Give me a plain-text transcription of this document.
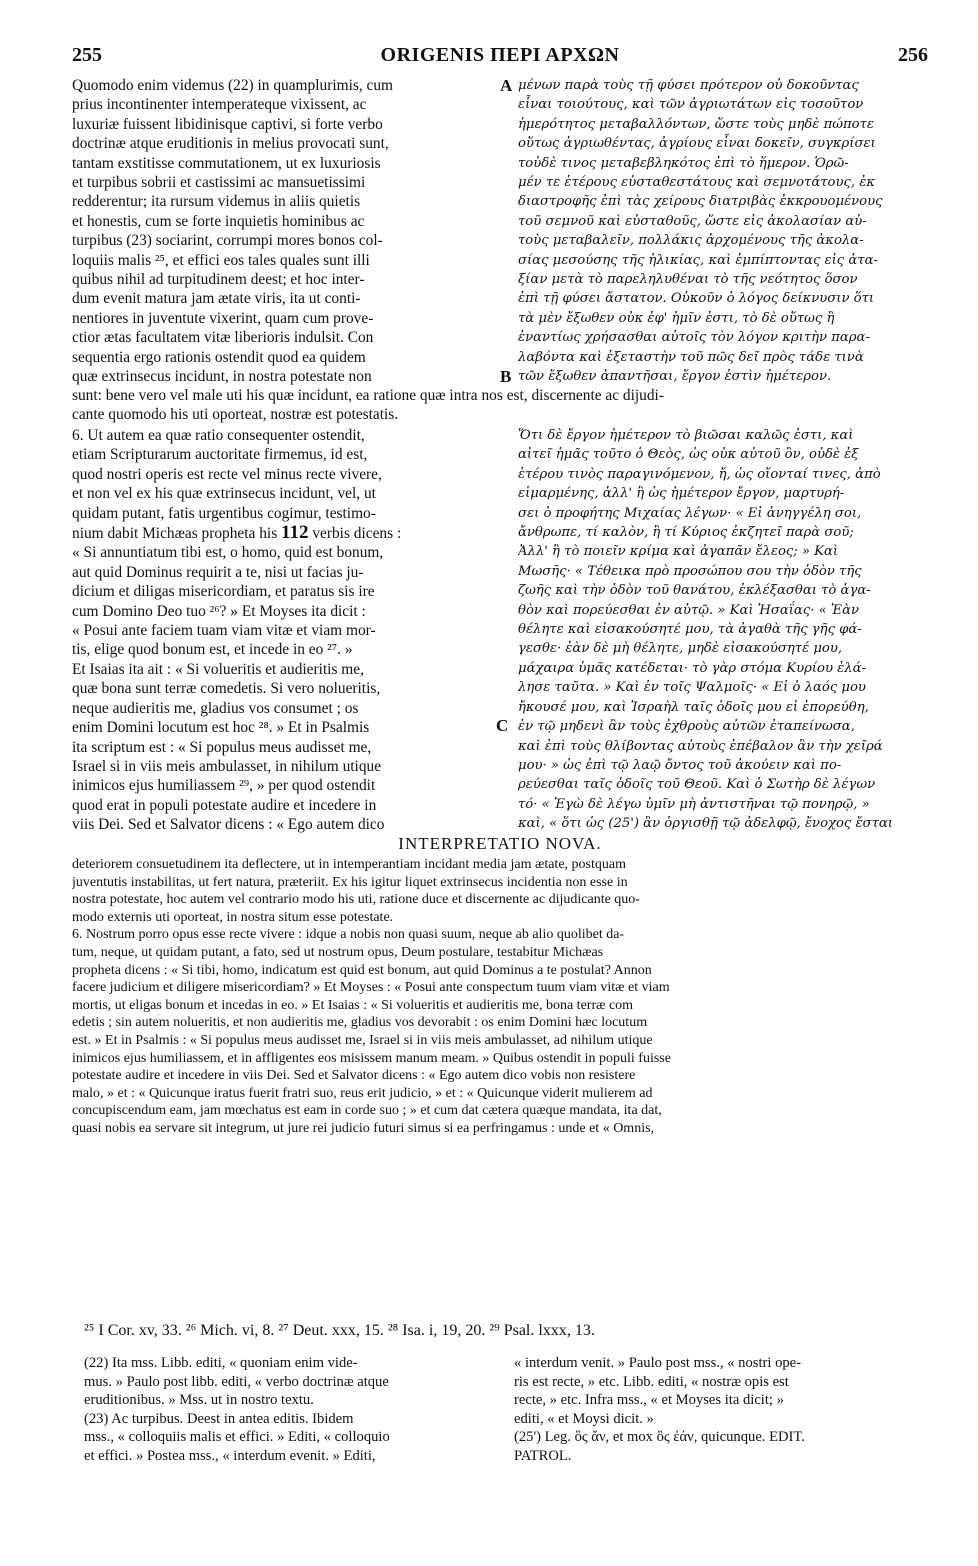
255	ORIGENIS ΠΕΡΙ ΑΡΧΩΝ	256
Quomodo enim videmus (22) in quamplurimis, cum
prius incontinenter intemperateque vixissent, ac
luxuriæ fuissent libidinisque captivi, si forte verbo
doctrinæ atque eruditionis in melius provocati sunt,
tantam exstitisse commutationem, ut ex luxuriosis
et turpibus sobrii et castissimi ac mansuetissimi
redderentur; ita rursum videmus in aliis quietis
et honestis, cum se forte inquietis hominibus ac
turpibus (23) sociarint, corrumpi mores bonos col-
loquiis malis ²⁵, et effici eos tales quales sunt illi
quibus nihil ad turpitudinem deest; et hoc inter-
dum evenit matura jam ætate viris, ita ut conti-
nentiores in juventute vixerint, quam cum prove-
ctior ætas facultatem vitæ liberioris indulsit. Con
sequentia ergo rationis ostendit quod ea quidem
quæ extrinsecus incidunt, in nostra potestate non
μένων παρὰ τοὺς τῇ φύσει πρότερον οὐ δοκοῦντας
εἶναι τοιούτους, καὶ τῶν ἀγριωτάτων εἰς τοσοῦτον
ἡμερότητος μεταβαλλόντων, ὥστε τοὺς μηδὲ πώποτε
οὕτως ἀγριωθέντας, ἀγρίους εἶναι δοκεῖν, συγκρίσει
τοὐδὲ τινος μεταβεβληκότος ἐπὶ τὸ ἥμερον. Ὁρῶ-
μέν τε ἑτέρους εὐσταθεστάτους καὶ σεμνοτάτους, ἐκ
διαστροφῆς ἐπὶ τὰς χείρους διατριβὰς ἐκκρουομένους
τοῦ σεμνοῦ καὶ εὐσταθοῦς, ὥστε εἰς ἀκολασίαν αὐ-
τοὺς μεταβαλεῖν, πολλάκις ἀρχομένους τῆς ἀκολα-
σίας μεσούσης τῆς ἡλικίας, καὶ ἐμπίπτοντας εἰς ἀτα-
ξίαν μετὰ τὸ παρεληλυθέναι τὸ τῆς νεότητος ὅσον
ἐπὶ τῇ φύσει ἄστατον. Οὐκοῦν ὁ λόγος δείκνυσιν ὅτι
τὰ μὲν ἔξωθεν οὐκ ἐφ' ἡμῖν ἐστι, τὸ δὲ οὕτως ἢ
ἐναντίως χρήσασθαι αὐτοῖς τὸν λόγον κριτὴν παρα-
λαβόντα καὶ ἐξεταστὴν τοῦ πῶς δεῖ πρὸς τάδε τινὰ
τῶν ἔξωθεν ἀπαντῆσαι, ἔργον ἐστὶν ἡμέτερον.
A
B
sunt: bene vero vel male uti his quæ incidunt, ea ratione quæ intra nos est, discernente ac dijudi-
cante quomodo his uti oporteat, nostræ est potestatis.
6. Ut autem ea quæ ratio consequenter ostendit,
etiam Scripturarum auctoritate firmemus, id est,
quod nostri operis est recte vel minus recte vivere,
et non vel ex his quæ extrinsecus incidunt, vel, ut
quidam putant, fatis urgentibus cogimur, testimo-
nium dabit Michæas propheta his 112 verbis dicens :
« Si annuntiatum tibi est, o homo, quid est bonum,
aut quid Dominus requirit a te, nisi ut facias ju-
dicium et diligas misericordiam, et paratus sis ire
cum Domino Deo tuo ²⁶? » Et Moyses ita dicit :
« Posui ante faciem tuam viam vitæ et viam mor-
tis, elige quod bonum est, et incede in eo ²⁷. »
Et Isaias ita ait : « Si volueritis et audieritis me,
quæ bona sunt terræ comedetis. Si vero nolueritis,
neque audieritis me, gladius vos consumet ; os
enim Domini locutum est hoc ²⁸. » Et in Psalmis
ita scriptum est : « Si populus meus audisset me,
Israel si in viis meis ambulasset, in nihilum utique
inimicos ejus humiliassem ²⁹, » per quod ostendit
quod erat in populi potestate audire et incedere in
viis Dei. Sed et Salvator dicens : « Ego autem dico
Ὅτι δὲ ἔργον ἡμέτερον τὸ βιῶσαι καλῶς ἐστι, καὶ
αἰτεῖ ἡμᾶς τοῦτο ὁ Θεὸς, ὡς οὐκ αὐτοῦ ὂν, οὐδὲ ἐξ
ἑτέρου τινὸς παραγινόμενον, ἤ, ὡς οἴονταί τινες, ἀπὸ
εἱμαρμένης, ἀλλ' ἢ ὡς ἡμέτερον ἔργον, μαρτυρή-
σει ὁ προφήτης Μιχαίας λέγων· « Εἰ ἀνηγγέλη σοι,
ἄνθρωπε, τί καλὸν, ἢ τί Κύριος ἐκζητεῖ παρὰ σοῦ;
Ἀλλ' ἢ τὸ ποιεῖν κρίμα καὶ ἀγαπᾶν ἔλεος; » Καὶ
Μωσῆς· « Τέθεικα πρὸ προσώπου σου τὴν ὁδὸν τῆς
ζωῆς καὶ τὴν ὁδὸν τοῦ θανάτου, ἐκλέξασθαι τὸ ἀγα-
θὸν καὶ πορεύεσθαι ἐν αὐτῷ. » Καὶ Ἡσαΐας· « Ἐὰν
θέλητε καὶ εἰσακούσητέ μου, τὰ ἀγαθὰ τῆς γῆς φά-
γεσθε· ἐὰν δὲ μὴ θέλητε, μηδὲ εἰσακούσητέ μου,
μάχαιρα ὑμᾶς κατέδεται· τὸ γὰρ στόμα Κυρίου ἐλά-
λησε ταῦτα. » Καὶ ἐν τοῖς Ψαλμοῖς· « Εἰ ὁ λαός μου
ἤκουσέ μου, καὶ Ἰσραὴλ ταῖς ὁδοῖς μου εἰ ἐπορεύθη,
ἐν τῷ μηδενὶ ἂν τοὺς ἐχθροὺς αὐτῶν ἐταπείνωσα,
καὶ ἐπὶ τοὺς θλίβοντας αὐτοὺς ἐπέβαλον ἂν τὴν χεῖρά
μου· » ὡς ἐπὶ τῷ λαῷ ὄντος τοῦ ἀκούειν καὶ πο-
ρεύεσθαι ταῖς ὁδοῖς τοῦ Θεοῦ. Καὶ ὁ Σωτὴρ δὲ λέγων
τό· « Ἐγὼ δὲ λέγω ὑμῖν μὴ ἀντιστῆναι τῷ πονηρῷ, »
καὶ, « ὅτι ὡς (25') ἂν ὀργισθῇ τῷ ἀδελφῷ, ἔνοχος ἔσται
C
INTERPRETATIO NOVA.
deteriorem consuetudinem ita deflectere, ut in intemperantiam incidant media jam ætate, postquam
juventutis instabilitas, ut fert natura, præteriit. Ex his igitur liquet extrinsecus incidentia non esse in
nostra potestate, hoc autem vel contrario modo his uti, ratione duce et discernente ac dijudicante quo-
modo externis uti oporteat, in nostra situm esse potestate.
6. Nostrum porro opus esse recte vivere : idque a nobis non quasi suum, neque ab alio quolibet da-
tum, neque, ut quidam putant, a fato, sed ut nostrum opus, Deum postulare, testabitur Michæas
propheta dicens : « Si tibi, homo, indicatum est quid est bonum, aut quid Dominus a te postulat? Annon
facere judicium et diligere misericordiam? » Et Moyses : « Posui ante conspectum tuum viam vitæ et viam
mortis, ut eligas bonum et incedas in eo. » Et Isaias : « Si volueritis et audieritis me, bona terræ com
edetis ; sin autem nolueritis, et non audieritis me, gladius vos devorabit : os enim Domini hæc locutum
est. » Et in Psalmis : « Si populus meus audisset me, Israel si in viis meis ambulasset, ad nihilum utique
inimicos ejus humiliassem, et in affligentes eos misissem manum meam. » Quibus ostendit in populi fuisse
potestate audire et incedere in viis Dei. Sed et Salvator dicens : « Ego autem dico vobis non resistere
malo, » et : « Quicunque iratus fuerit fratri suo, reus erit judicio, » et : « Quicunque viderit mulierem ad
concupiscendum eam, jam mœchatus est eam in corde suo ; » et cum dat cætera quæque mandata, ita dat,
quasi nobis ea servare sit integrum, ut jure rei judicio futuri simus si ea perfringamus : unde et « Omnis,
²⁵ I Cor. xv, 33. ²⁶ Mich. vi, 8. ²⁷ Deut. xxx, 15. ²⁸ Isa. i, 19, 20. ²⁹ Psal. lxxx, 13.
(22) Ita mss. Libb. editi, « quoniam enim vide-
mus. » Paulo post libb. editi, « verbo doctrinæ atque
eruditionibus. » Mss. ut in nostro textu.
(23) Ac turpibus. Deest in antea editis. Ibidem
mss., « colloquiis malis et effici. » Editi, « colloquio
et effici. » Postea mss., « interdum evenit. » Editi,
« interdum venit. » Paulo post mss., « nostri ope-
ris est recte, » etc. Libb. editi, « nostræ opis est
recte, » etc. Infra mss., « et Moyses ita dicit; »
editi, « et Moysi dicit. »
(25') Leg. ὃς ἄν, et mox ὃς ἐάν, quicunque. EDIT.
PATROL.
